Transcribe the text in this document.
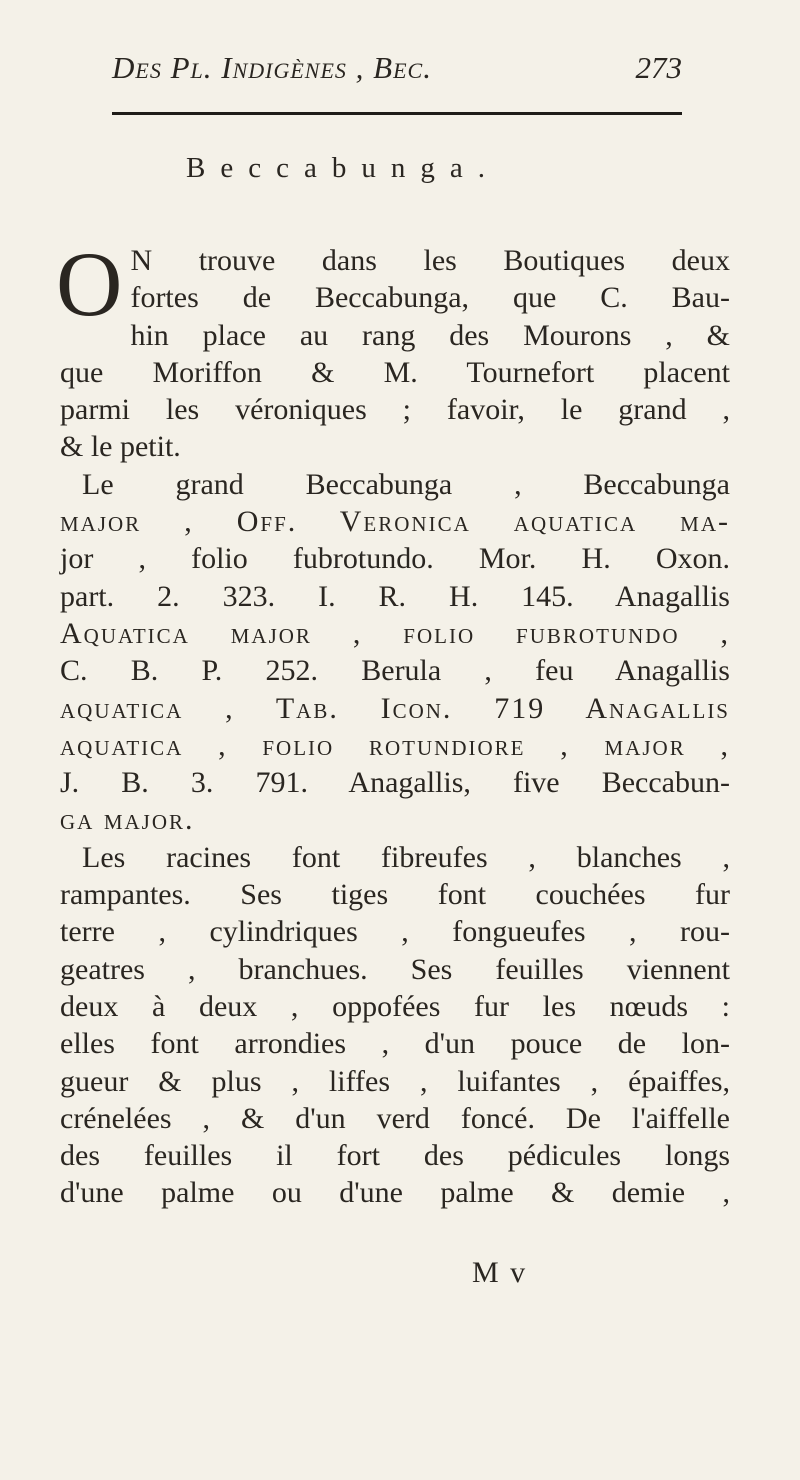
Des Pl. Indigènes , Bec.	273
Beccabunga.
O N trouve dans les Boutiques deux
fortes de Beccabunga, que C. Bau-
hin place au rang des Mourons , &
que Moriffon & M. Tournefort placent
parmi les véroniques ; favoir, le grand ,
& le petit.
Le grand Beccabunga , Beccabunga
major , Off. Veronica aquatica ma-
jor , folio fubrotundo. Mor. H. Oxon.
part. 2. 323. I. R. H. 145. Anagallis
Aquatica major , folio fubrotundo ,
C. B. P. 252. Berula , feu Anagallis
aquatica , Tab. Icon. 719 Anagallis
aquatica , folio rotundiore , major ,
J. B. 3. 791. Anagallis, five Beccabun-
ga major.
Les racines font fibreufes , blanches ,
rampantes. Ses tiges font couchées fur
terre , cylindriques , fongueufes , rou-
geatres , branchues. Ses feuilles viennent
deux à deux , oppofées fur les nœuds :
elles font arrondies , d'un pouce de lon-
gueur & plus , liffes , luifantes , épaiffes,
crénelées , & d'un verd foncé. De l'aiffelle
des feuilles il fort des pédicules longs
d'une palme ou d'une palme & demie ,
M v
